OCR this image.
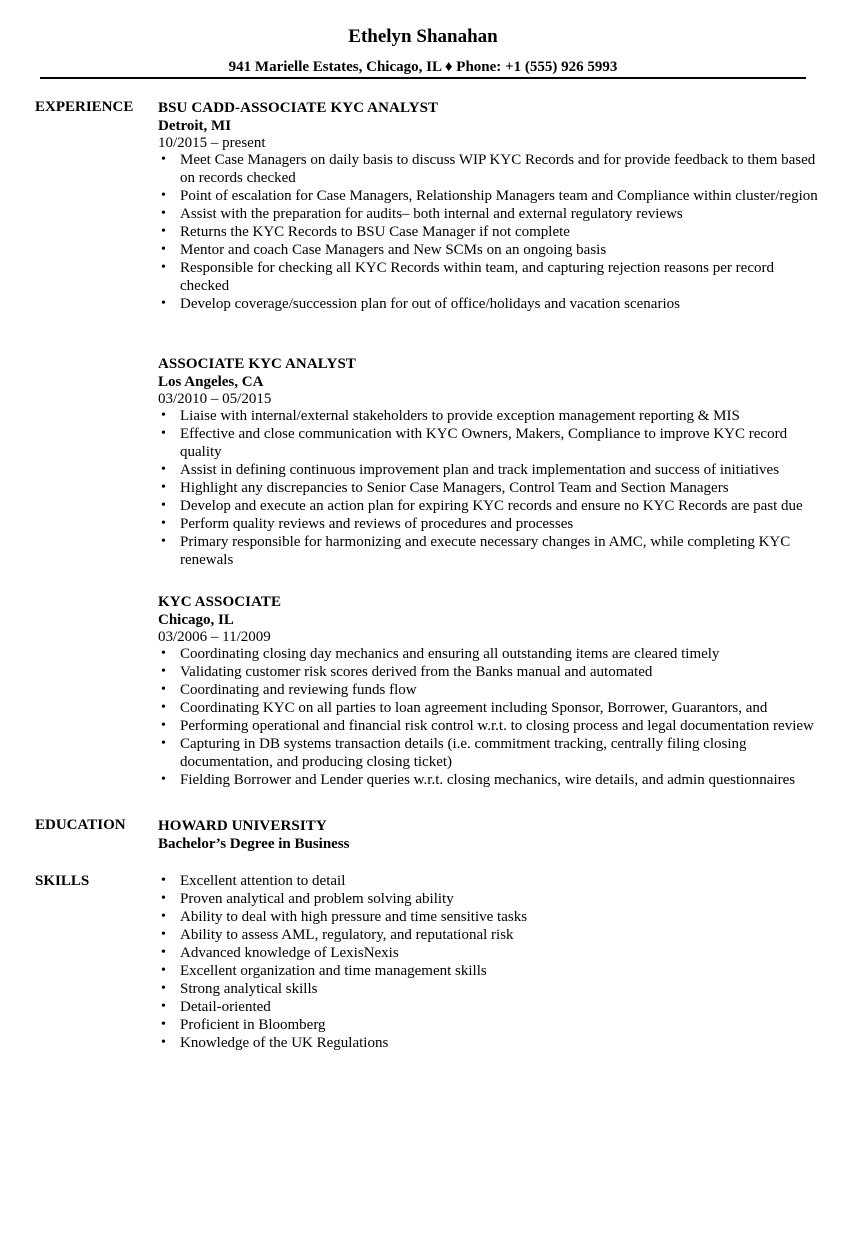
Ethelyn Shanahan
941 Marielle Estates, Chicago, IL ♦ Phone: +1 (555) 926 5993
EXPERIENCE BSU CADD-ASSOCIATE KYC ANALYST
Detroit, MI
10/2015 – present
• Meet Case Managers on daily basis to discuss WIP KYC Records and for provide feedback to them based on records checked
• Point of escalation for Case Managers, Relationship Managers team and Compliance within cluster/region
• Assist with the preparation for audits– both internal and external regulatory reviews
• Returns the KYC Records to BSU Case Manager if not complete
• Mentor and coach Case Managers and New SCMs on an ongoing basis
• Responsible for checking all KYC Records within team, and capturing rejection reasons per record checked
• Develop coverage/succession plan for out of office/holidays and vacation scenarios
ASSOCIATE KYC ANALYST
Los Angeles, CA
03/2010 – 05/2015
• Liaise with internal/external stakeholders to provide exception management reporting & MIS
• Effective and close communication with KYC Owners, Makers, Compliance to improve KYC record quality
• Assist in defining continuous improvement plan and track implementation and success of initiatives
• Highlight any discrepancies to Senior Case Managers, Control Team and Section Managers
• Develop and execute an action plan for expiring KYC records and ensure no KYC Records are past due
• Perform quality reviews and reviews of procedures and processes
• Primary responsible for harmonizing and execute necessary changes in AMC, while completing KYC renewals
KYC ASSOCIATE
Chicago, IL
03/2006 – 11/2009
• Coordinating closing day mechanics and ensuring all outstanding items are cleared timely
• Validating customer risk scores derived from the Banks manual and automated
• Coordinating and reviewing funds flow
• Coordinating KYC on all parties to loan agreement including Sponsor, Borrower, Guarantors, and
• Performing operational and financial risk control w.r.t. to closing process and legal documentation review
• Capturing in DB systems transaction details (i.e. commitment tracking, centrally filing closing documentation, and producing closing ticket)
• Fielding Borrower and Lender queries w.r.t. closing mechanics, wire details, and admin questionnaires
EDUCATION HOWARD UNIVERSITY
Bachelor’s Degree in Business
SKILLS
•	Excellent attention to detail
• Proven analytical and problem solving ability
• Ability to deal with high pressure and time sensitive tasks
• Ability to assess AML, regulatory, and reputational risk
• Advanced knowledge of LexisNexis
• Excellent organization and time management skills
• Strong analytical skills
• Detail-oriented
• Proficient in Bloomberg
• Knowledge of the UK Regulations
